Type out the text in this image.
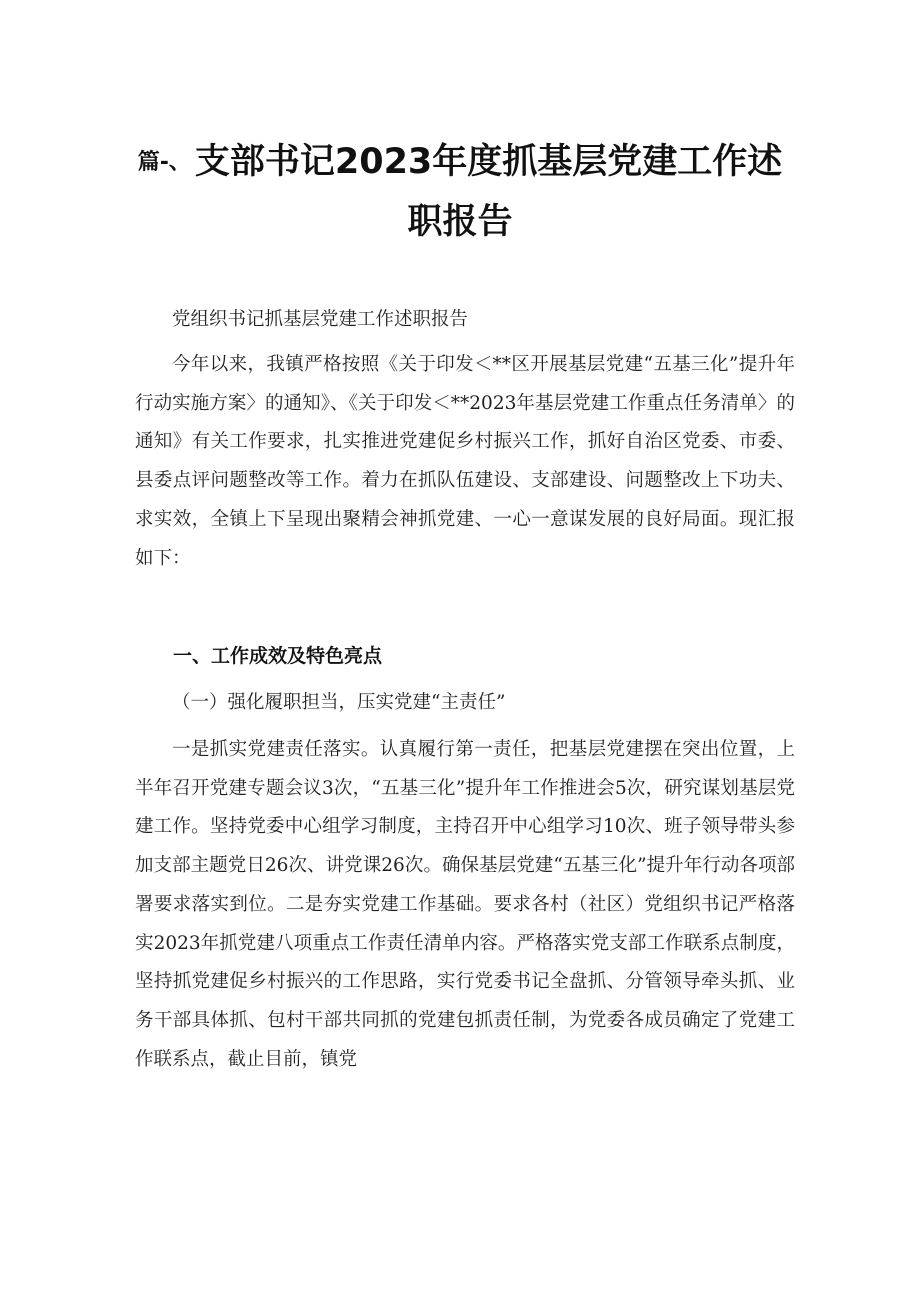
篇-、 支部书记2023年度抓基层党建工作述
职报告
党组织书记抓基层党建工作述职报告

今年以来，我镇严格按照《关于印发＜**区开展基层党建“五基三化”提升年行动实施方案〉的通知》、《关于印发＜**2023年基层党建工作重点任务清单〉的通知》有关工作要求，扎实推进党建促乡村振兴工作，抓好自治区党委、市委、县委点评问题整改等工作。着力在抓队伍建设、支部建设、问题整改上下功夫、求实效，全镇上下呈现出聚精会神抓党建、一心一意谋发展的良好局面。现汇报如下：

一、工作成效及特色亮点
（一）强化履职担当，压实党建“主责任”

一是抓实党建责任落实。认真履行第一责任，把基层党建摆在突出位置，上半年召开党建专题会议3次，“五基三化”提升年工作推进会5次，研究谋划基层党建工作。坚持党委中心组学习制度，主持召开中心组学习10次、班子领导带头参加支部主题党日26次、讲党课26次。确保基层党建“五基三化”提升年行动各项部署要求落实到位。二是夯实党建工作基础。要求各村（社区）党组织书记严格落实2023年抓党建八项重点工作责任清单内容。严格落实党支部工作联系点制度，坚持抓党建促乡村振兴的工作思路，实行党委书记全盘抓、分管领导牵头抓、业务干部具体抓、包村干部共同抓的党建包抓责任制，为党委各成员确定了党建工作联系点，截止目前，镇党
